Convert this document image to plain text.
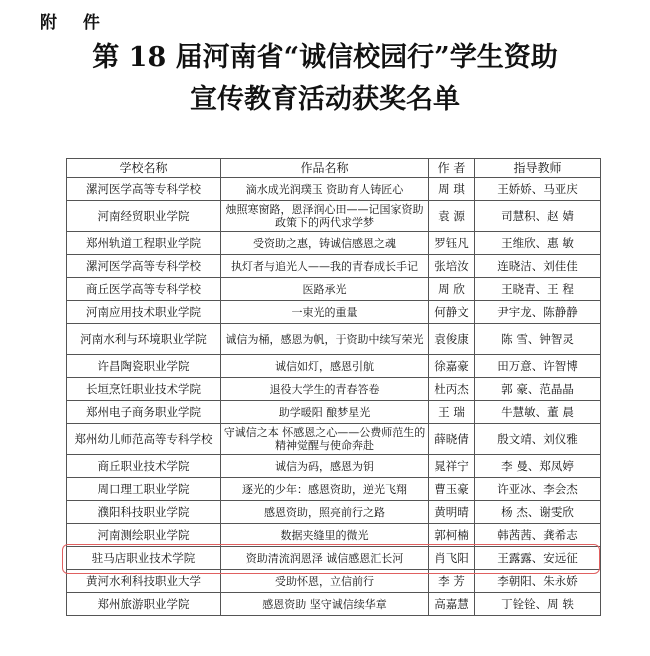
附 件
第 18 届河南省“诚信校园行”学生资助
宣传教育活动获奖名单
学校名称	作品名称	作 者	指导教师
漯河医学高等专科学校	滴水成光润璞玉 资助育人铸匠心	周 琪	王娇娇、马亚庆
河南经贸职业学院	烛照寒窗路，恩泽润心田——记国家资助政策下的两代求学梦	袁 源	司慧积、赵 婧
郑州轨道工程职业学院	受资助之惠，铸诚信感恩之魂	罗钰凡	王维欣、惠 敏
漯河医学高等专科学校	执灯者与追光人——我的青春成长手记	张培汝	连晓洁、刘佳佳
商丘医学高等专科学校	医路承光	周 欣	王晓青、王 程
河南应用技术职业学院	一束光的重量	何静文	尹宇龙、陈静静
河南水利与环境职业学院	诚信为桶，感恩为帆，于资助中续写荣光	袁俊康	陈 雪、钟智灵
许昌陶瓷职业学院	诚信如灯，感恩引航	徐嘉豪	田万意、许智博
长垣烹饪职业技术学院	退役大学生的青春答卷	杜丙杰	郭 豪、范晶晶
郑州电子商务职业学院	助学暖阳 酿梦星光	王 瑞	牛慧敏、董 晨
郑州幼儿师范高等专科学校	守诚信之本 怀感恩之心——公费师范生的精神觉醒与使命奔赴	薛晓倩	殷文靖、刘仪雅
商丘职业技术学院	诚信为码，感恩为钥	晁祥宁	李 曼、郑凤婷
周口理工职业学院	逐光的少年：感恩资助，逆光飞翔	曹玉豪	许亚冰、李会杰
濮阳科技职业学院	感恩资助，照亮前行之路	黄明晴	杨 杰、谢雯欣
河南测绘职业学院	数据夹缝里的微光	郭柯楠	韩茜茜、龚希志
驻马店职业技术学院	资助清流润恩泽 诚信感恩汇长河	肖飞阳	王露露、安远征
黄河水利科技职业大学	受助怀恩，立信前行	李 芳	李朝阳、朱永娇
郑州旅游职业学院	感恩资助 坚守诚信续华章	高嘉慧	丁铨铨、周 轶
